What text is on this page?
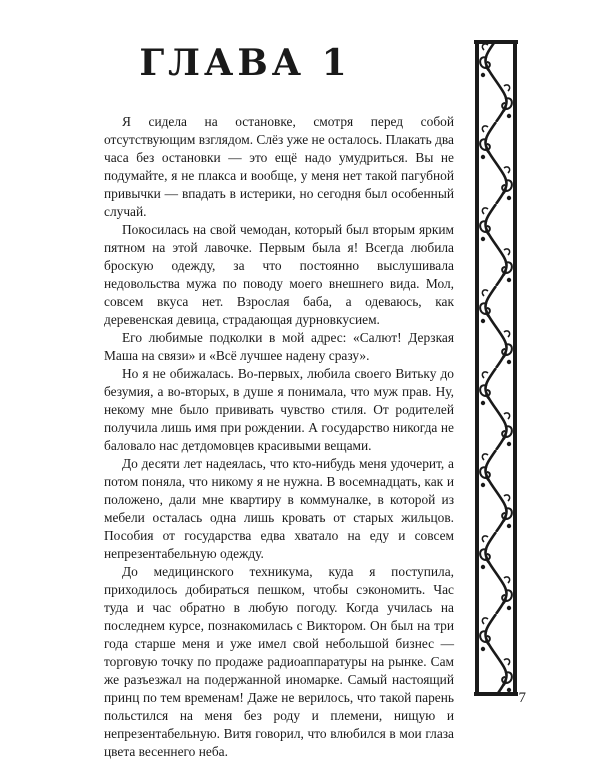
ГЛАВА 1

Я сидела на остановке, смотря перед собой отсутствующим взглядом. Слёз уже не осталось. Плакать два часа без остановки — это ещё надо умудриться. Вы не подумайте, я не плакса и вообще, у меня нет такой пагубной привычки — впадать в истерики, но сегодня был особенный случай.

Покосилась на свой чемодан, который был вторым ярким пятном на этой лавочке. Первым была я! Всегда любила броскую одежду, за что постоянно выслушивала недовольства мужа по поводу моего внешнего вида. Мол, совсем вкуса нет. Взрослая баба, а одеваюсь, как деревенская девица, страдающая дурновкусием.

Его любимые подколки в мой адрес: «Салют! Дерзкая Маша на связи» и «Всё лучшее надену сразу».

Но я не обижалась. Во-первых, любила своего Витьку до безумия, а во-вторых, в душе я понимала, что муж прав. Ну, некому мне было прививать чувство стиля. От родителей получила лишь имя при рождении. А государство никогда не баловало нас детдомовцев красивыми вещами.

До десяти лет надеялась, что кто-нибудь меня удочерит, а потом поняла, что никому я не нужна. В восемнадцать, как и положено, дали мне квартиру в коммуналке, в которой из мебели осталась одна лишь кровать от старых жильцов. Пособия от государства едва хватало на еду и совсем непрезентабельную одежду.

До медицинского техникума, куда я поступила, приходилось добираться пешком, чтобы сэкономить. Час туда и час обратно в любую погоду. Когда училась на последнем курсе, познакомилась с Виктором. Он был на три года старше меня и уже имел свой небольшой бизнес — торговую точку по продаже радиоаппаратуры на рынке. Сам же разъезжал на подержанной иномарке. Самый настоящий принц по тем временам! Даже не верилось, что такой парень польстился на меня без роду и племени, нищую и непрезентабельную. Витя говорил, что влюбился в мои глаза цвета весеннего неба.

7
